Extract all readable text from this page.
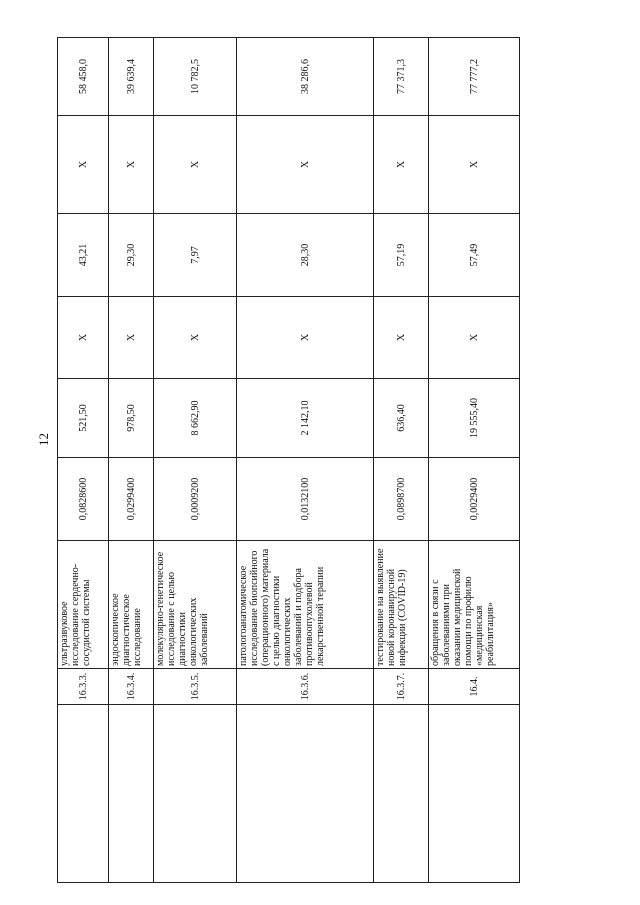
12
	16.3.3.	ультразвуковое исследование сердечно-сосудистой системы	0,0828600	521,50	X	43,21	X	58 458,0
	16.3.4.	эндоскопическое диагностическое исследование	0,0299400	978,50	X	29,30	X	39 639,4
	16.3.5.	молекулярно-генетическое исследование с целью диагностики онкологических заболеваний	0,0009200	8 662,90	X	7,97	X	10 782,5
	16.3.6.	патологоанатомическое исследование биопсийного (операционного) материала с целью диагностики онкологических заболеваний и подбора противоопухолевой лекарственной терапии	0,0132100	2 142,10	X	28,30	X	38 286,6
	16.3.7.	тестирование на выявление новой коронавирусной инфекции (COVID-19)	0,0898700	636,40	X	57,19	X	77 371,3
	16.4.	обращения в связи с заболеваниями при оказании медицинской помощи по профилю «медицинская реабилитация»	0,0029400	19 555,40	X	57,49	X	77 777,2
